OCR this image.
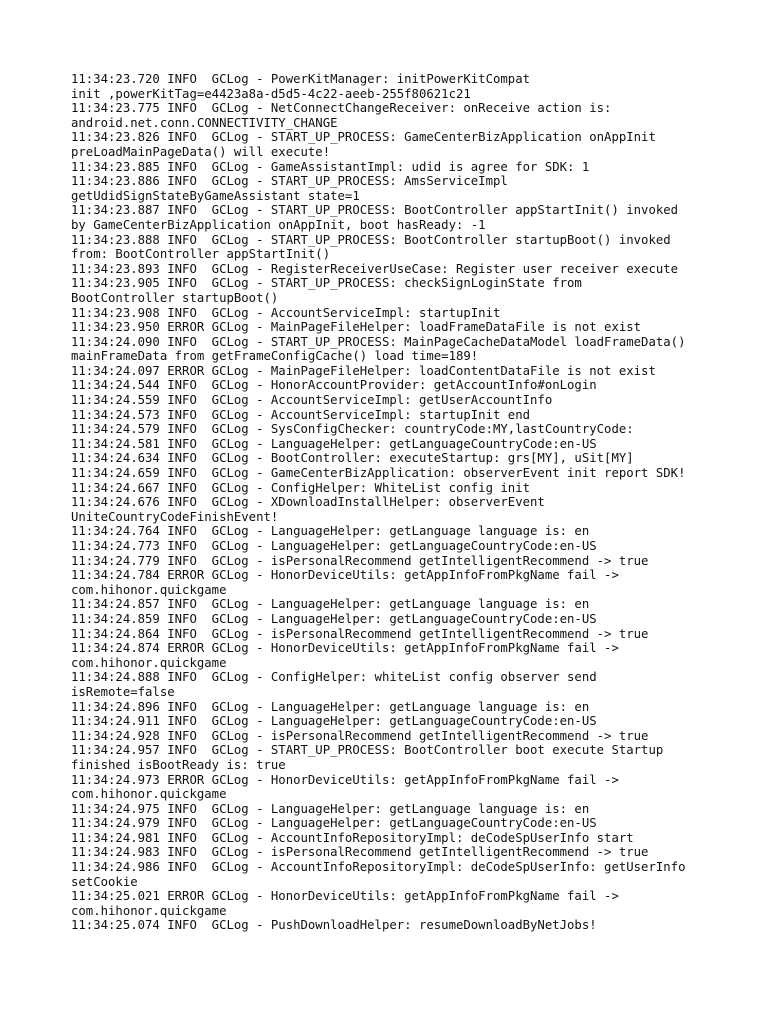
11:34:23.720 INFO  GCLog - PowerKitManager: initPowerKitCompat
init ,powerKitTag=e4423a8a-d5d5-4c22-aeeb-255f80621c21
11:34:23.775 INFO  GCLog - NetConnectChangeReceiver: onReceive action is:
android.net.conn.CONNECTIVITY_CHANGE
11:34:23.826 INFO  GCLog - START_UP_PROCESS: GameCenterBizApplication onAppInit
preLoadMainPageData() will execute!
11:34:23.885 INFO  GCLog - GameAssistantImpl: udid is agree for SDK: 1
11:34:23.886 INFO  GCLog - START_UP_PROCESS: AmsServiceImpl
getUdidSignStateByGameAssistant state=1
11:34:23.887 INFO  GCLog - START_UP_PROCESS: BootController appStartInit() invoked
by GameCenterBizApplication onAppInit, boot hasReady: -1
11:34:23.888 INFO  GCLog - START_UP_PROCESS: BootController startupBoot() invoked
from: BootController appStartInit()
11:34:23.893 INFO  GCLog - RegisterReceiverUseCase: Register user receiver execute
11:34:23.905 INFO  GCLog - START_UP_PROCESS: checkSignLoginState from
BootController startupBoot()
11:34:23.908 INFO  GCLog - AccountServiceImpl: startupInit
11:34:23.950 ERROR GCLog - MainPageFileHelper: loadFrameDataFile is not exist
11:34:24.090 INFO  GCLog - START_UP_PROCESS: MainPageCacheDataModel loadFrameData()
mainFrameData from getFrameConfigCache() load time=189!
11:34:24.097 ERROR GCLog - MainPageFileHelper: loadContentDataFile is not exist
11:34:24.544 INFO  GCLog - HonorAccountProvider: getAccountInfo#onLogin
11:34:24.559 INFO  GCLog - AccountServiceImpl: getUserAccountInfo
11:34:24.573 INFO  GCLog - AccountServiceImpl: startupInit end
11:34:24.579 INFO  GCLog - SysConfigChecker: countryCode:MY,lastCountryCode:
11:34:24.581 INFO  GCLog - LanguageHelper: getLanguageCountryCode:en-US
11:34:24.634 INFO  GCLog - BootController: executeStartup: grs[MY], uSit[MY]
11:34:24.659 INFO  GCLog - GameCenterBizApplication: observerEvent init report SDK!
11:34:24.667 INFO  GCLog - ConfigHelper: WhiteList config init
11:34:24.676 INFO  GCLog - XDownloadInstallHelper: observerEvent
UniteCountryCodeFinishEvent!
11:34:24.764 INFO  GCLog - LanguageHelper: getLanguage language is: en
11:34:24.773 INFO  GCLog - LanguageHelper: getLanguageCountryCode:en-US
11:34:24.779 INFO  GCLog - isPersonalRecommend getIntelligentRecommend -> true
11:34:24.784 ERROR GCLog - HonorDeviceUtils: getAppInfoFromPkgName fail ->
com.hihonor.quickgame
11:34:24.857 INFO  GCLog - LanguageHelper: getLanguage language is: en
11:34:24.859 INFO  GCLog - LanguageHelper: getLanguageCountryCode:en-US
11:34:24.864 INFO  GCLog - isPersonalRecommend getIntelligentRecommend -> true
11:34:24.874 ERROR GCLog - HonorDeviceUtils: getAppInfoFromPkgName fail ->
com.hihonor.quickgame
11:34:24.888 INFO  GCLog - ConfigHelper: whiteList config observer send
isRemote=false
11:34:24.896 INFO  GCLog - LanguageHelper: getLanguage language is: en
11:34:24.911 INFO  GCLog - LanguageHelper: getLanguageCountryCode:en-US
11:34:24.928 INFO  GCLog - isPersonalRecommend getIntelligentRecommend -> true
11:34:24.957 INFO  GCLog - START_UP_PROCESS: BootController boot execute Startup
finished isBootReady is: true
11:34:24.973 ERROR GCLog - HonorDeviceUtils: getAppInfoFromPkgName fail ->
com.hihonor.quickgame
11:34:24.975 INFO  GCLog - LanguageHelper: getLanguage language is: en
11:34:24.979 INFO  GCLog - LanguageHelper: getLanguageCountryCode:en-US
11:34:24.981 INFO  GCLog - AccountInfoRepositoryImpl: deCodeSpUserInfo start
11:34:24.983 INFO  GCLog - isPersonalRecommend getIntelligentRecommend -> true
11:34:24.986 INFO  GCLog - AccountInfoRepositoryImpl: deCodeSpUserInfo: getUserInfo
setCookie
11:34:25.021 ERROR GCLog - HonorDeviceUtils: getAppInfoFromPkgName fail ->
com.hihonor.quickgame
11:34:25.074 INFO  GCLog - PushDownloadHelper: resumeDownloadByNetJobs!
